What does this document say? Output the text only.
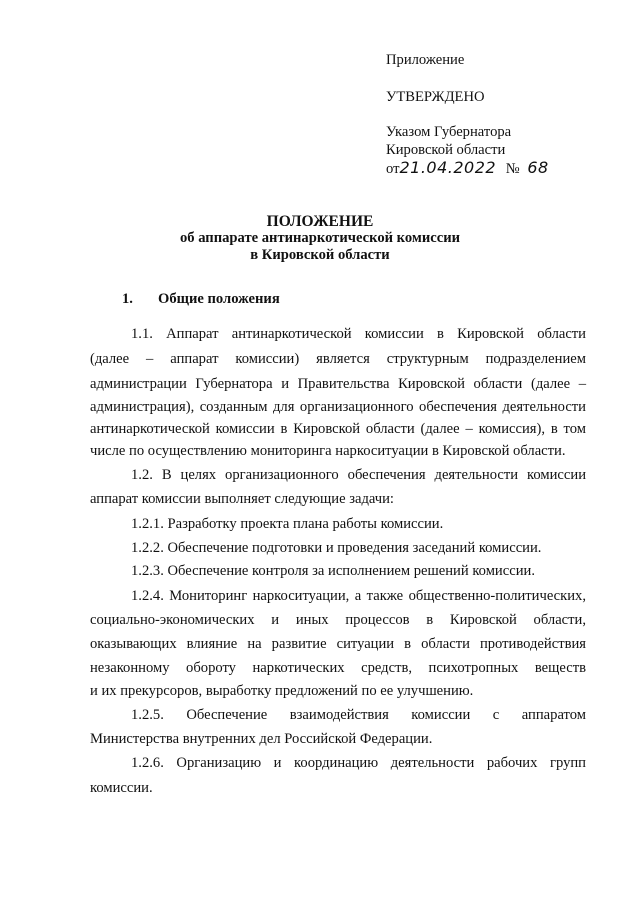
Приложение
УТВЕРЖДЕНО
Указом Губернатора
Кировской области
от21.04.2022 № 68
ПОЛОЖЕНИЕ
об аппарате антинаркотической комиссии
в Кировской области
1. Общие положения
1.1. Аппарат антинаркотической комиссии в Кировской области
(далее – аппарат комиссии) является структурным подразделением
администрации Губернатора и Правительства Кировской области (далее –
администрация), созданным для организационного обеспечения деятельности
антинаркотической комиссии в Кировской области (далее – комиссия), в том
числе по осуществлению мониторинга наркоситуации в Кировской области.
1.2. В целях организационного обеспечения деятельности комиссии
аппарат комиссии выполняет следующие задачи:
1.2.1. Разработку проекта плана работы комиссии.
1.2.2. Обеспечение подготовки и проведения заседаний комиссии.
1.2.3. Обеспечение контроля за исполнением решений комиссии.
1.2.4. Мониторинг наркоситуации, а также общественно-политических,
социально-экономических и иных процессов в Кировской области,
оказывающих влияние на развитие ситуации в области противодействия
незаконному обороту наркотических средств, психотропных веществ
и их прекурсоров, выработку предложений по ее улучшению.
1.2.5. Обеспечение взаимодействия комиссии с аппаратом
Министерства внутренних дел Российской Федерации.
1.2.6. Организацию и координацию деятельности рабочих групп
комиссии.
